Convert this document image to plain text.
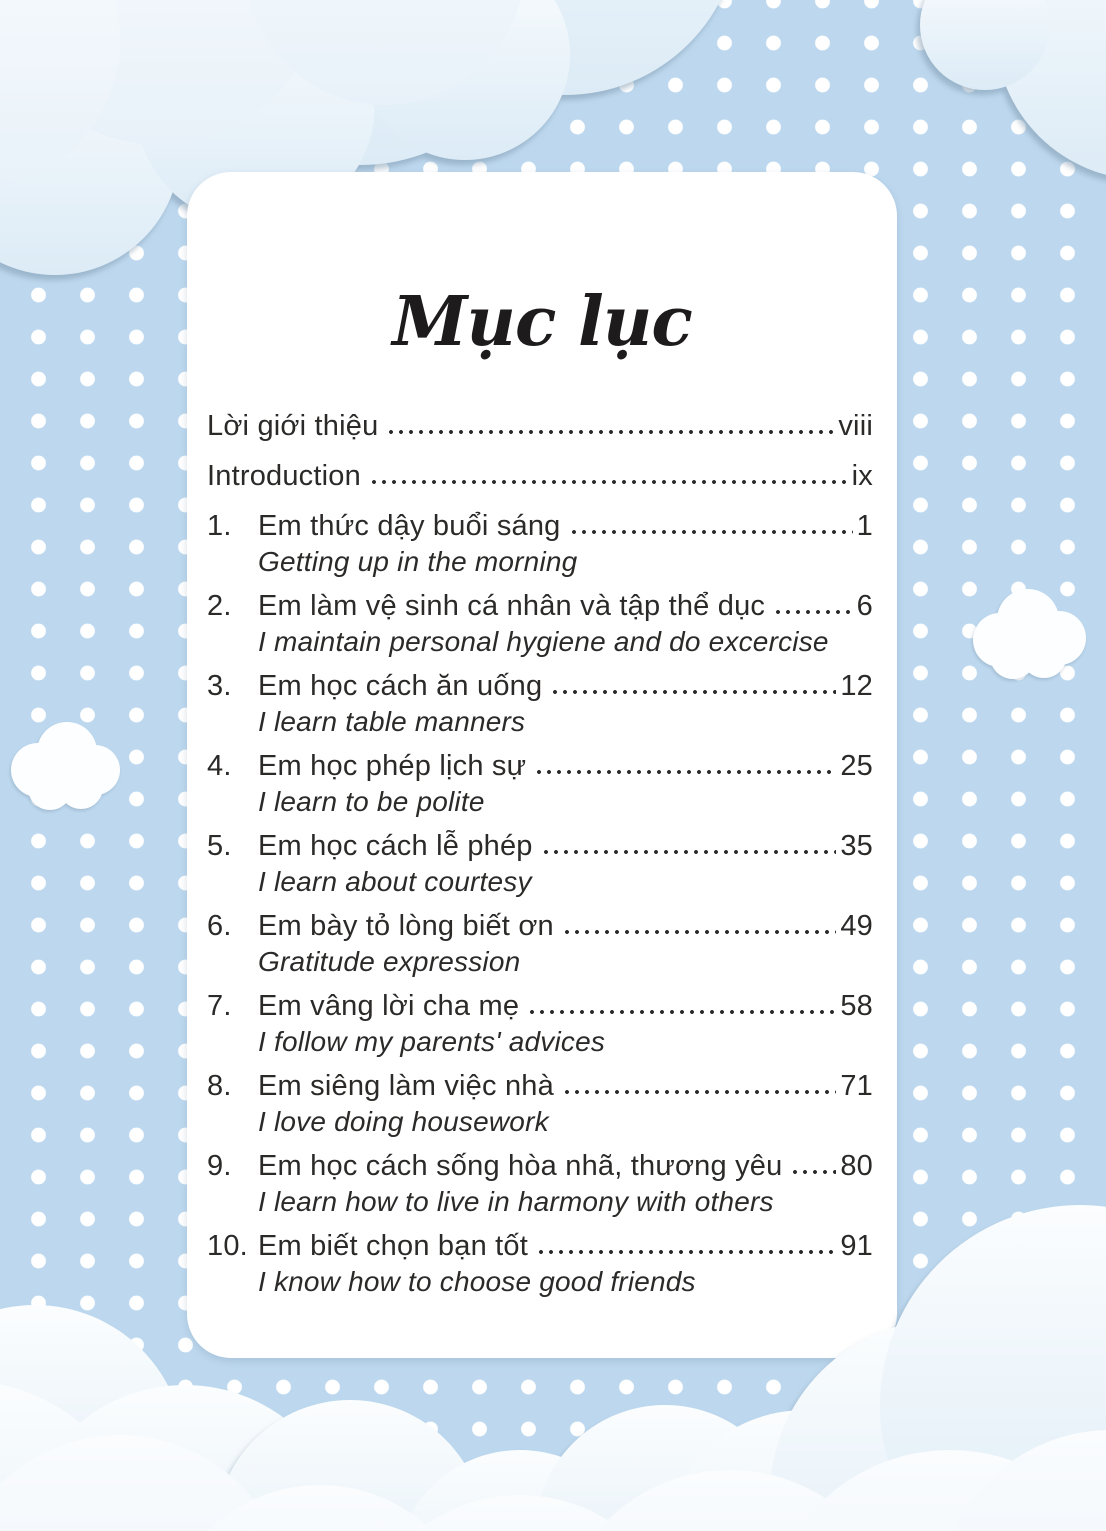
Mục lục
Lời giới thiệu	viii
Introduction	ix
1. Em thức dậy buổi sáng	1
Getting up in the morning
2. Em làm vệ sinh cá nhân và tập thể dục	6
I maintain personal hygiene and do excercise
3. Em học cách ăn uống	12
I learn table manners
4. Em học phép lịch sự	25
I learn to be polite
5. Em học cách lễ phép	35
I learn about courtesy
6. Em bày tỏ lòng biết ơn	49
Gratitude expression
7. Em vâng lời cha mẹ	58
I follow my parents' advices
8. Em siêng làm việc nhà	71
I love doing housework
9. Em học cách sống hòa nhã, thương yêu 80
I learn how to live in harmony with others
10. Em biết chọn bạn tốt	91
I know how to choose good friends
